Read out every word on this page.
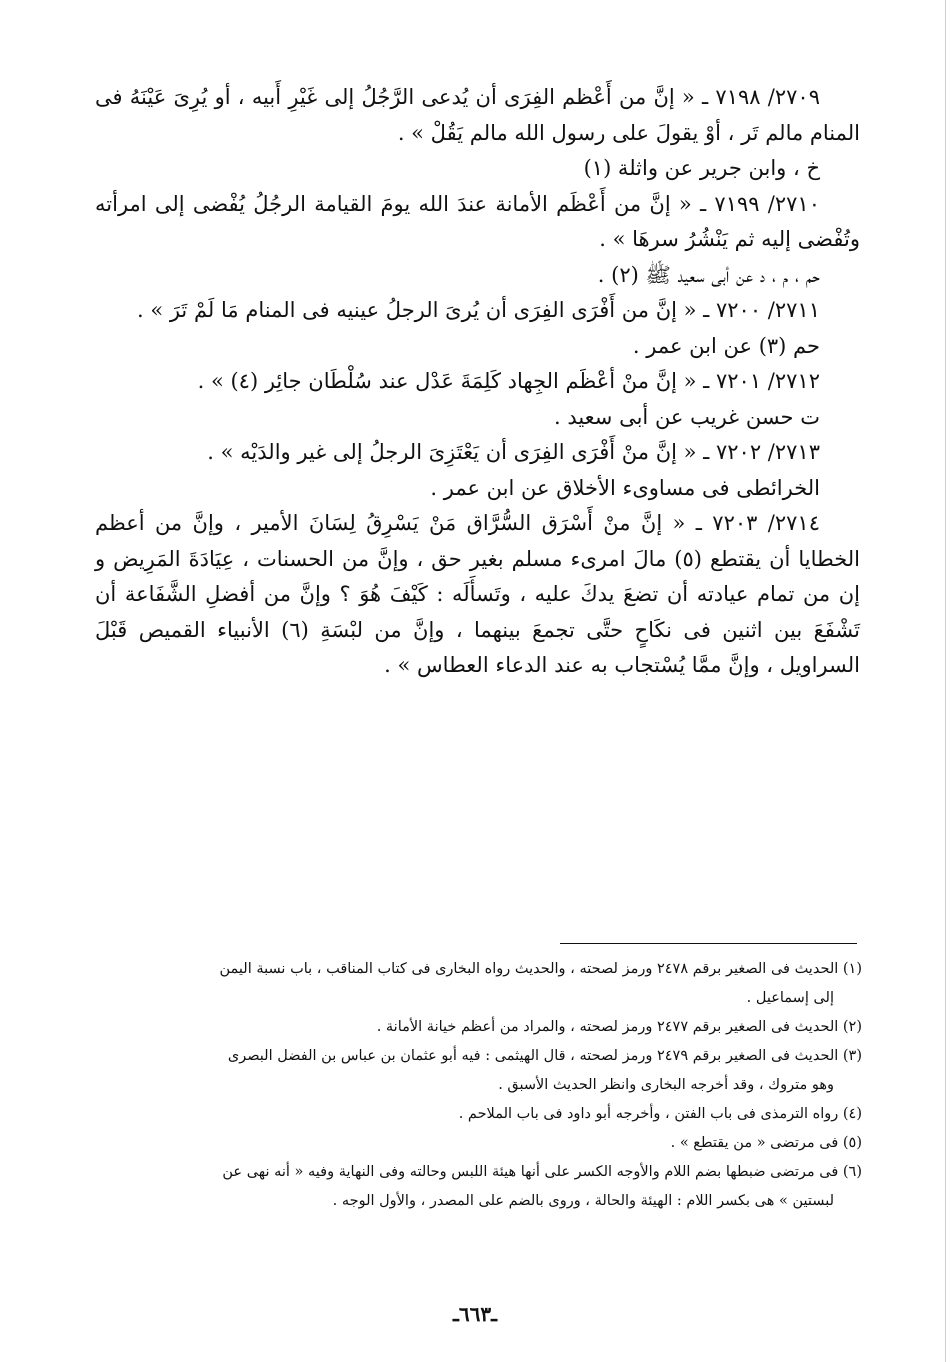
٢٧٠٩/ ٧١٩٨ ـ « إنَّ من أَعْظم الفِرَى أن يُدعى الرَّجُلُ إلى غَيْرِ أَبيه ، أو يُرِىَ عَيْنَهُ فى المنام مالم تَر ، أوْ يقولَ على رسول الله مالم يَقُلْ » .

خ ، وابن جرير عن واثلة (١)

٢٧١٠/ ٧١٩٩ ـ « إنَّ من أَعْظَم الأمانة عندَ الله يومَ القيامة الرجُلُ يُفْضى إلى امرأته وتُفْضى إليه ثم يَنْشُرُ سرهَا » .

حم ، م ، د عن أبى سعيد ﷺ (٢) .

٢٧١١/ ٧٢٠٠ ـ « إنَّ من أَفْرَى الفِرَى أن يُرىَ الرجلُ عينيه فى المنام مَا لَمْ تَرَ » .

حم (٣) عن ابن عمر .

٢٧١٢/ ٧٢٠١ ـ « إنَّ منْ أعْظَم الجِهاد كَلِمَةَ عَدْل عند سُلْطَان جائِر (٤) » .

ت حسن غريب عن أبى سعيد .

٢٧١٣/ ٧٢٠٢ ـ « إنَّ منْ أَفْرَى الفِرَى أن يَعْتَزِىَ الرجلُ إلى غير والدَيْه » .

الخرائطى فى مساوىء الأخلاق عن ابن عمر .

٢٧١٤/ ٧٢٠٣ ـ « إنَّ منْ أَسْرَق السُّرَّاق مَنْ يَسْرِقُ لِسَانَ الأمير ، وإنَّ من أعظم الخطايا أن يقتطع (٥) مالَ امرىء مسلم بغير حق ، وإنَّ من الحسنات ، عِيَادَةَ المَرِيض و إن من تمام عيادته أن تضعَ يدكَ عليه ، وتَسأَلَه : كَيْفَ هُوَ ؟ وإنَّ من أفضلِ الشَّفَاعة أن تَشْفَعَ بين اثنين فى نكَاحٍ حتَّى تجمعَ بينهما ، وإنَّ من لبْسَةِ (٦) الأنبياء القميص قَبْلَ السراويل ، وإنَّ ممَّا يُسْتجاب به عند الدعاء العطاس » .

(١) الحديث فى الصغير برقم ٢٤٧٨ ورمز لصحته ، والحديث رواه البخارى فى كتاب المناقب ، باب نسبة اليمن

إلى إسماعيل .

(٢) الحديث فى الصغير برقم ٢٤٧٧ ورمز لصحته ، والمراد من أعظم خيانة الأمانة .

(٣) الحديث فى الصغير برقم ٢٤٧٩ ورمز لصحته ، قال الهيثمى : فيه أبو عثمان بن عباس بن الفضل البصرى

وهو متروك ، وقد أخرجه البخارى وانظر الحديث الأسبق .

(٤) رواه الترمذى فى باب الفتن ، وأخرجه أبو داود فى باب الملاحم .

(٥) فى مرتضى « من يقتطع » .

(٦) فى مرتضى ضبطها بضم اللام والأوجه الكسر على أنها هيئة اللبس وحالته وفى النهاية وفيه « أنه نهى عن

لبستين » هى بكسر اللام : الهيئة والحالة ، وروى بالضم على المصدر ، والأول الوجه .

ـ٦٦٣ـ
